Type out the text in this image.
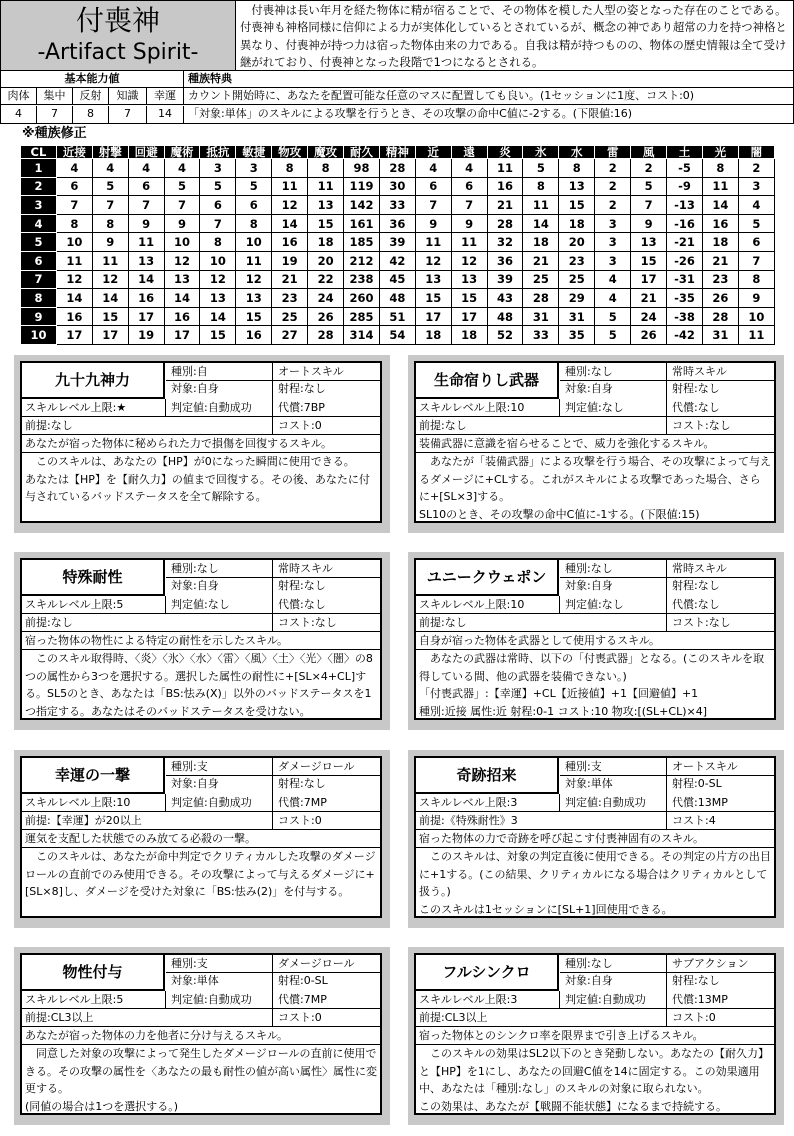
付喪神
-Artifact Spirit-
付喪神は長い年月を経た物体に精が宿ることで、その物体を模した人型の姿となった存在のことである。付喪神も神格同様に信仰による力が実体化しているとされているが、概念の神であり超常の力を持つ神格と異なり、付喪神が持つ力は宿った物体由来の力である。自我は精が持つものの、物体の歴史情報は全て受け継がれており、付喪神となった段階で1つになるとされる。
基本能力値	種族特典
肉体	集中	反射	知識	幸運	カウント開始時に、あなたを配置可能な任意のマスに配置しても良い。(1セッションに1度、コスト:0)
4	7	8	7	14	「対象:単体」のスキルによる攻撃を行うとき、その攻撃の命中C値に-2する。(下限値:16)
※種族修正
CL	近接	射撃	回避	魔術	抵抗	敏捷	物攻	魔攻	耐久	精神	近	遠	炎	氷	水	雷	風	土	光	闇
1	4	4	4	4	3	3	8	8	98	28	4	4	11	5	8	2	2	-5	8	2
2	6	5	6	5	5	5	11	11	119	30	6	6	16	8	13	2	5	-9	11	3
3	7	7	7	7	6	6	12	13	142	33	7	7	21	11	15	2	7	-13	14	4
4	8	8	9	9	7	8	14	15	161	36	9	9	28	14	18	3	9	-16	16	5
5	10	9	11	10	8	10	16	18	185	39	11	11	32	18	20	3	13	-21	18	6
6	11	11	13	12	10	11	19	20	212	42	12	12	36	21	23	3	15	-26	21	7
7	12	12	14	13	12	12	21	22	238	45	13	13	39	25	25	4	17	-31	23	8
8	14	14	16	14	13	13	23	24	260	48	15	15	43	28	29	4	21	-35	26	9
9	16	15	17	16	14	15	25	26	285	51	17	17	48	31	31	5	24	-38	28	10
10	17	17	19	17	15	16	27	28	314	54	18	18	52	33	35	5	26	-42	31	11
九十九神力	種別:自	オートスキル
対象:自身	射程:なし
スキルレベル上限:★	判定値:自動成功 代償:7BP
前提:なし	コスト:0
あなたが宿った物体に秘められた力で損傷を回復するスキル。

このスキルは、あなたの【HP】が0になった瞬間に使用できる。

あなたは【HP】を【耐久力】の値まで回復する。その後、あなたに付与されているバッドステータスを全て解除する。

生命宿りし武器	種別:なし	常時スキル
対象:自身	射程:なし
スキルレベル上限:10	判定値:なし	代償:なし
前提:なし	コスト:なし
装備武器に意識を宿らせることで、威力を強化するスキル。

あなたが「装備武器」による攻撃を行う場合、その攻撃によって与えるダメージに+CLする。これがスキルによる攻撃であった場合、さらに+[SL×3]する。

SL10のとき、その攻撃の命中C値に-1する。(下限値:15)

特殊耐性	種別:なし	常時スキル
対象:自身	射程:なし
スキルレベル上限:5	判定値:なし	代償:なし
前提:なし	コスト:なし
宿った物体の物性による特定の耐性を示したスキル。

このスキル取得時、〈炎〉〈氷〉〈水〉〈雷〉〈風〉〈土〉〈光〉〈闇〉の8つの属性から3つを選択する。選択した属性の耐性に+[SL×4+CL]する。SL5のとき、あなたは「BS:怯み(X)」以外のバッドステータスを1つ指定する。あなたはそのバッドステータスを受けない。

ユニークウェポン	種別:なし	常時スキル
対象:自身	射程:なし
スキルレベル上限:10	判定値:なし	代償:なし
前提:なし	コスト:なし
自身が宿った物体を武器として使用するスキル。

あなたの武器は常時、以下の「付喪武器」となる。(このスキルを取得している間、他の武器を装備できない。)

「付喪武器」:【幸運】+CL【近接値】+1【回避値】+1

種別:近接 属性:近 射程:0-1 コスト:10 物攻:[(SL+CL)×4]

幸運の一撃	種別:支	ダメージロール
対象:自身	射程:なし
スキルレベル上限:10	判定値:自動成功 代償:7MP
前提:【幸運】が20以上	コスト:0
運気を支配した状態でのみ放てる必殺の一撃。

このスキルは、あなたが命中判定でクリティカルした攻撃のダメージロールの直前でのみ使用できる。その攻撃によって与えるダメージに+[SL×8]し、ダメージを受けた対象に「BS:怯み(2)」を付与する。

奇跡招来	種別:支	オートスキル
対象:単体	射程:0-SL
スキルレベル上限:3	判定値:自動成功 代償:13MP
前提:《特殊耐性》3	コスト:4
宿った物体の力で奇跡を呼び起こす付喪神固有のスキル。

このスキルは、対象の判定直後に使用できる。その判定の片方の出目に+1する。(この結果、クリティカルになる場合はクリティカルとして扱う。)

このスキルは1セッションに[SL+1]回使用できる。

物性付与	種別:支	ダメージロール
対象:単体	射程:0-SL
スキルレベル上限:5	判定値:自動成功 代償:7MP
前提:CL3以上	コスト:0
あなたが宿った物体の力を他者に分け与えるスキル。

同意した対象の攻撃によって発生したダメージロールの直前に使用できる。その攻撃の属性を〈あなたの最も耐性の値が高い属性〉属性に変更する。

(同値の場合は1つを選択する。)

フルシンクロ	種別:なし	サブアクション
対象:自身	射程:なし
スキルレベル上限:3	判定値:自動成功 代償:13MP
前提:CL3以上	コスト:0
宿った物体とのシンクロ率を限界まで引き上げるスキル。

このスキルの効果はSL2以下のとき発動しない。あなたの【耐久力】と【HP】を1にし、あなたの回避C値を14に固定する。この効果適用中、あなたは「種別:なし」のスキルの対象に取られない。

この効果は、あなたが【戦闘不能状態】になるまで持続する。
